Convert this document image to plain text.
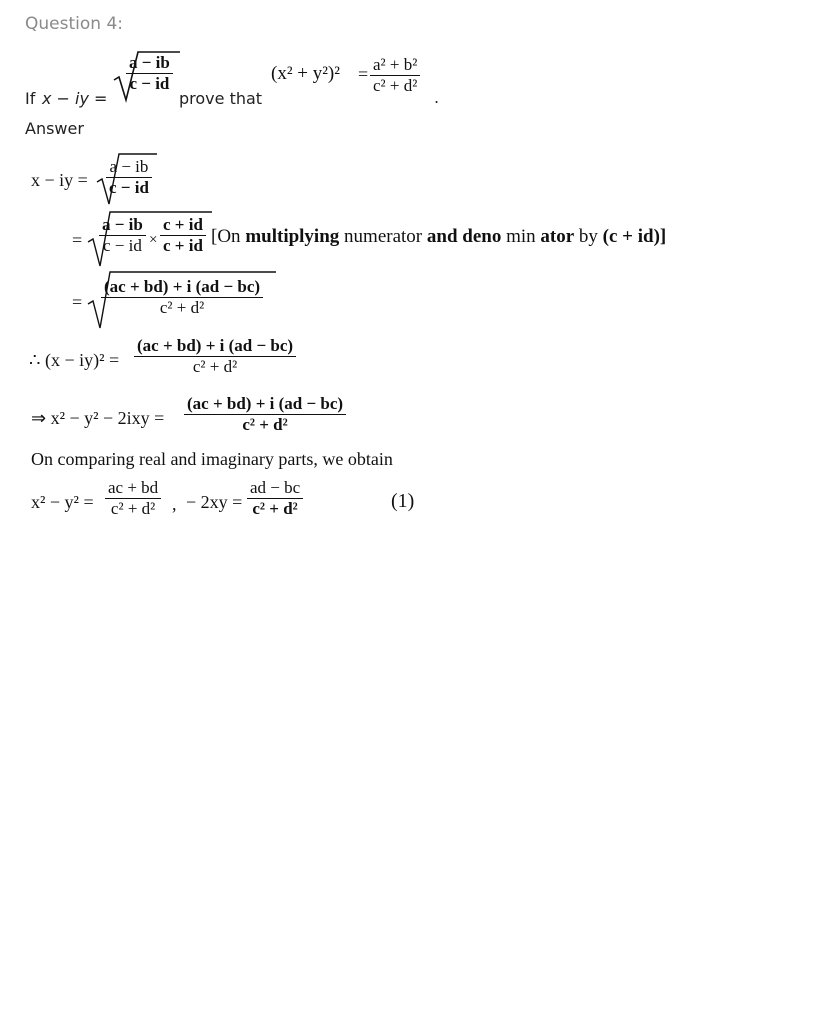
Question 4:
If x − iy =
a − ib
c − id
prove that
(x² + y²)² = a² + b²
c² + d²
.
Answer
x − iy =
a − ib
c − id
=
a − ib
c − id ×
c + id
c + id [On multiplying numerator and deno min ator by (c + id)]
=
(ac + bd) + i (ad − bc)
c² + d²
∴ (x − iy)² =
(ac + bd) + i (ad − bc)
c² + d²
⇒ x² − y² − 2ixy =
(ac + bd) + i (ad − bc)
c² + d²
On comparing real and imaginary parts, we obtain
x² − y² =
ac + bd
c² + d² , − 2xy =
ad − bc
c² + d²	(1)
